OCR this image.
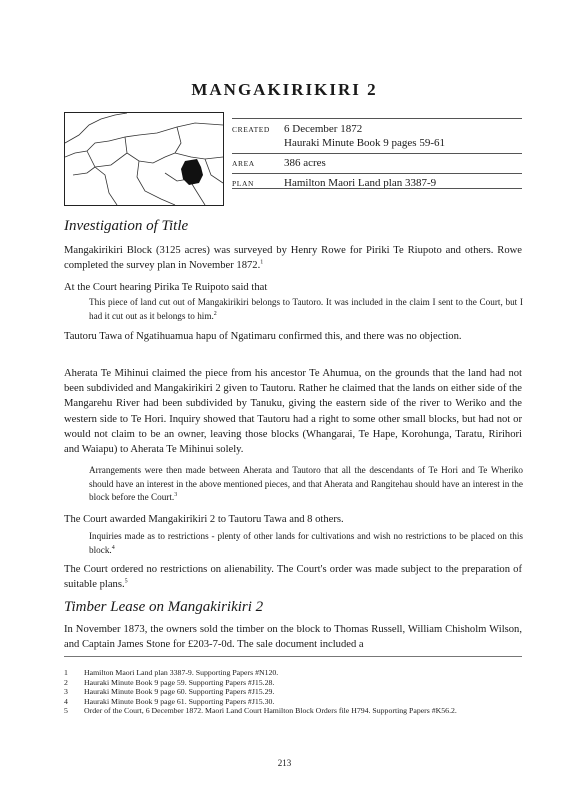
MANGAKIRIKIRI 2
CREATED	6 December 1872
Hauraki Minute Book 9 pages 59-61
AREA	386 acres
PLAN	Hamilton Maori Land plan 3387-9
Investigation of Title

Mangakirikiri Block (3125 acres) was surveyed by Henry Rowe for Piriki Te Riupoto and others. Rowe completed the survey plan in November 1872.$^1$

At the Court hearing Pirika Te Ruipoto said that

This piece of land cut out of Mangakirikiri belongs to Tautoro. It was included in the claim I sent to the Court, but I had it cut out as it belongs to him.$^2$

Tautoru Tawa of Ngatihuamua hapu of Ngatimaru confirmed this, and there was no objection.

Aherata Te Mihinui claimed the piece from his ancestor Te Ahumua, on the grounds that the land had not been subdivided and Mangakirikiri 2 given to Tautoru. Rather he claimed that the lands on either side of the Mangarehu River had been subdivided by Tanuku, giving the eastern side of the river to Weriko and the western side to Te Hori. Inquiry showed that Tautoru had a right to some other small blocks, but had not or would not claim to be an owner, leaving those blocks (Whangarai, Te Hape, Korohunga, Taratu, Ririhori and Waiapu) to Aherata Te Mihinui solely.

Arrangements were then made between Aherata and Tautoro that all the descendants of Te Hori and Te Wheriko should have an interest in the above mentioned pieces, and that Aherata and Rangitehau should have an interest in the block before the Court.$^3$

The Court awarded Mangakirikiri 2 to Tautoru Tawa and 8 others.

Inquiries made as to restrictions - plenty of other lands for cultivations and wish no restrictions to be placed on this block.$^4$

The Court ordered no restrictions on alienability. The Court's order was made subject to the preparation of suitable plans.$^5$

Timber Lease on Mangakirikiri 2

In November 1873, the owners sold the timber on the block to Thomas Russell, William Chisholm Wilson, and Captain James Stone for £203-7-0d. The sale document included a

1	Hamilton Maori Land plan 3387-9. Supporting Papers #N120.
2	Hauraki Minute Book 9 page 59. Supporting Papers #J15.28.
3	Hauraki Minute Book 9 page 60. Supporting Papers #J15.29.
4	Hauraki Minute Book 9 page 61. Supporting Papers #J15.30.
5	Order of the Court, 6 December 1872. Maori Land Court Hamilton Block Orders file H794. Supporting Papers #K56.2.
213
